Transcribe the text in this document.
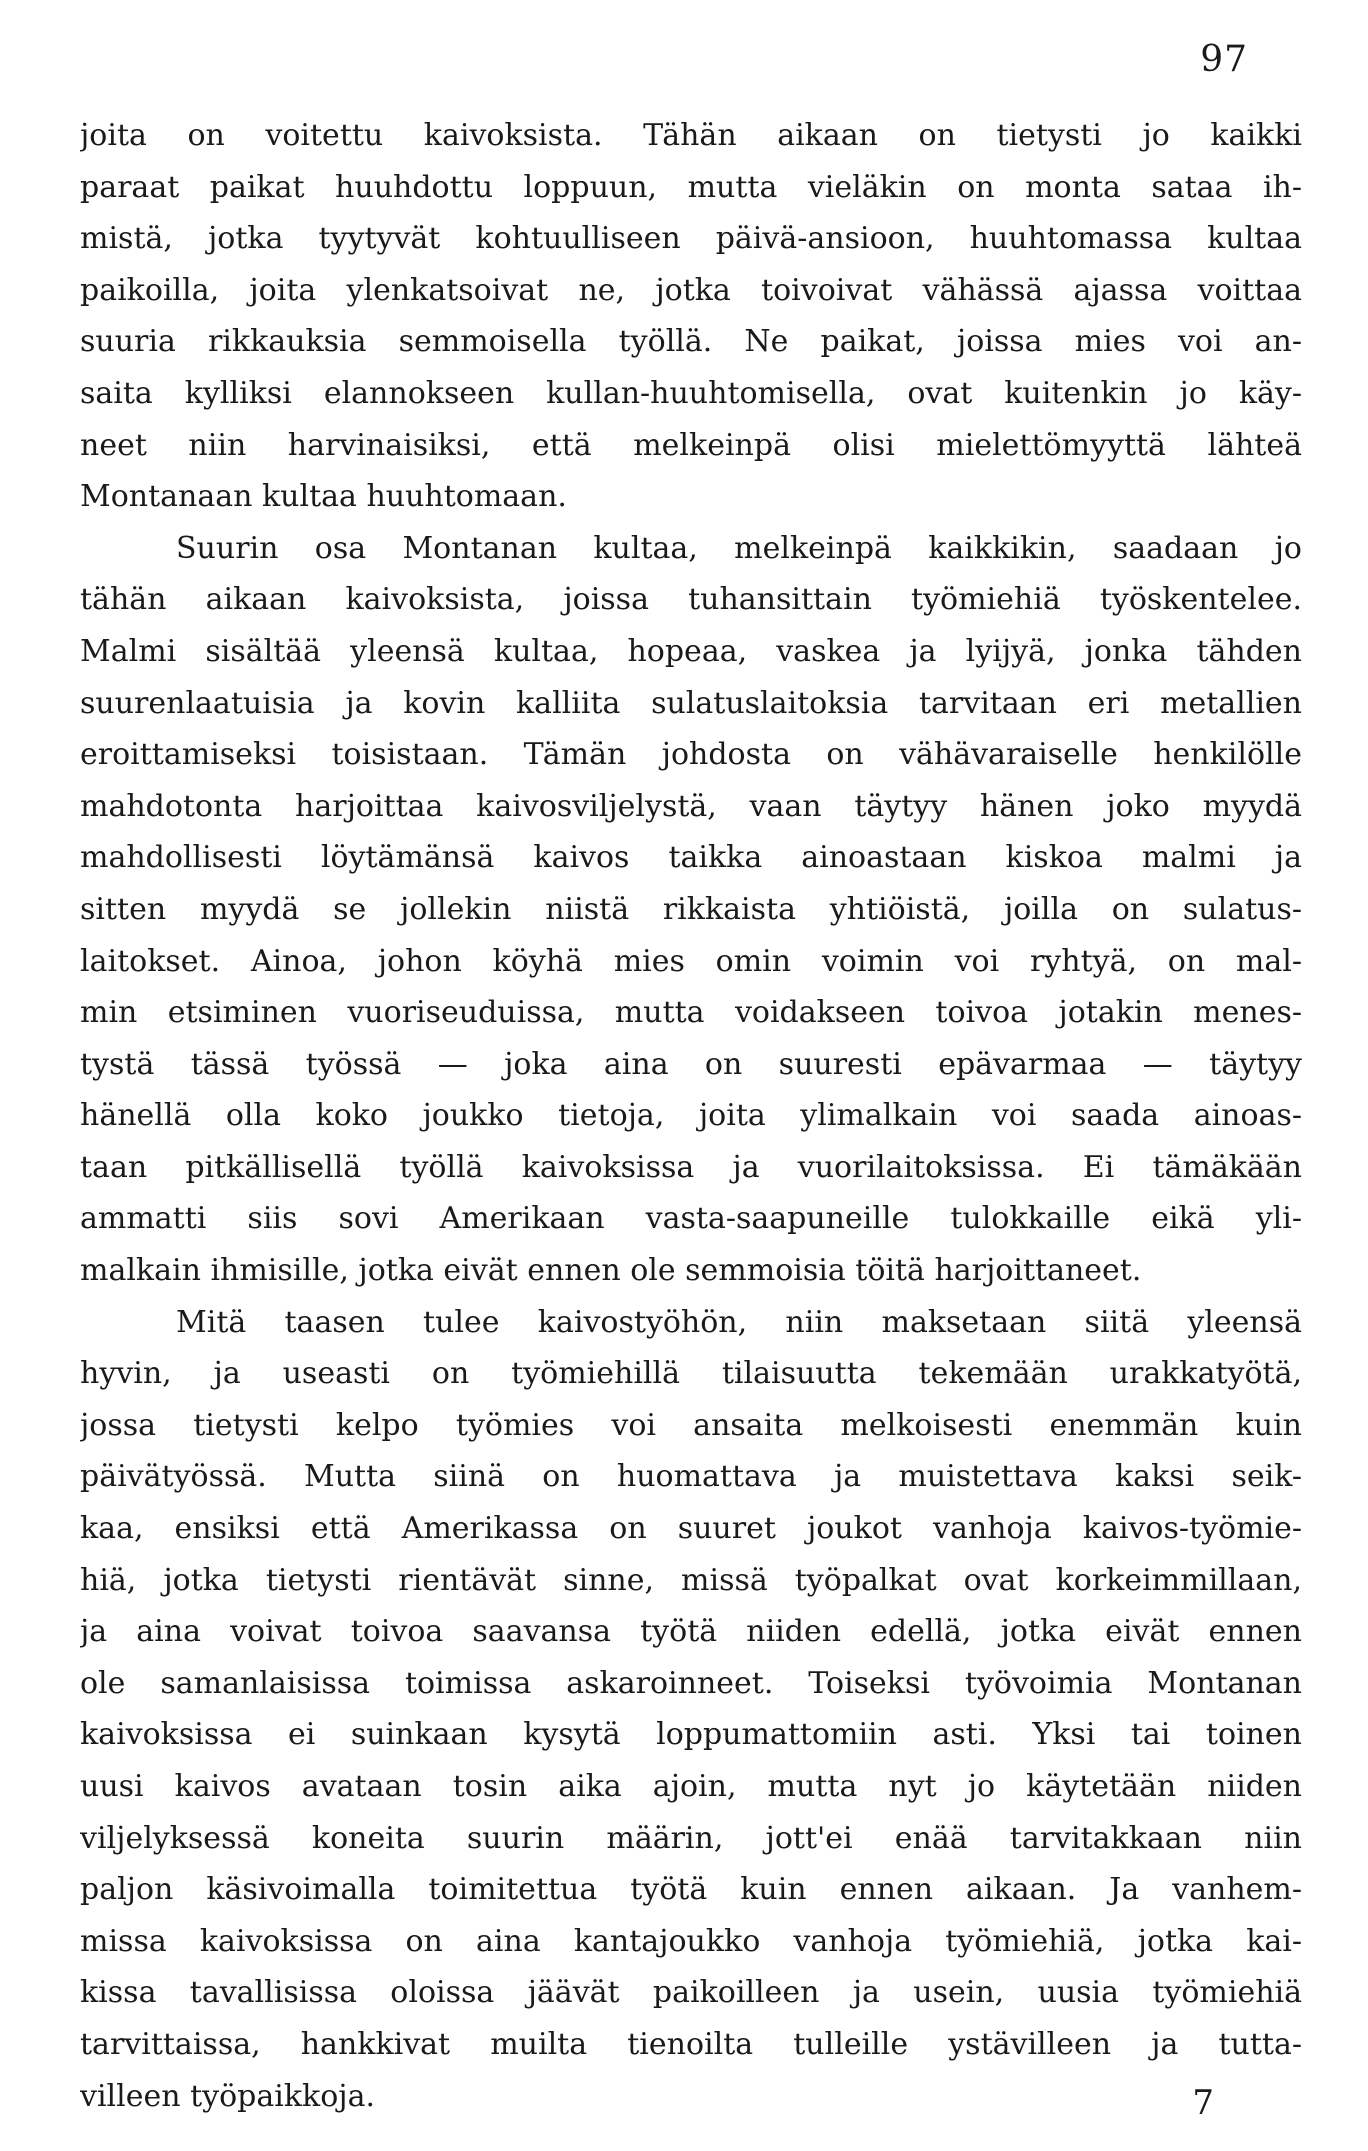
97
joita on voitettu kaivoksista. Tähän aikaan on tietysti jo kaikki
paraat paikat huuhdottu loppuun, mutta vieläkin on monta sataa ih-
mistä, jotka tyytyvät kohtuulliseen päivä-ansioon, huuhtomassa kultaa
paikoilla, joita ylenkatsoivat ne, jotka toivoivat vähässä ajassa voittaa
suuria rikkauksia semmoisella työllä. Ne paikat, joissa mies voi an-
saita kylliksi elannokseen kullan-huuhtomisella, ovat kuitenkin jo käy-
neet niin harvinaisiksi, että melkeinpä olisi mielettömyyttä lähteä
Montanaan kultaa huuhtomaan.
Suurin osa Montanan kultaa, melkeinpä kaikkikin, saadaan jo
tähän aikaan kaivoksista, joissa tuhansittain työmiehiä työskentelee.
Malmi sisältää yleensä kultaa, hopeaa, vaskea ja lyijyä, jonka tähden
suurenlaatuisia ja kovin kalliita sulatuslaitoksia tarvitaan eri metallien
eroittamiseksi toisistaan. Tämän johdosta on vähävaraiselle henkilölle
mahdotonta harjoittaa kaivosviljelystä, vaan täytyy hänen joko myydä
mahdollisesti löytämänsä kaivos taikka ainoastaan kiskoa malmi ja
sitten myydä se jollekin niistä rikkaista yhtiöistä, joilla on sulatus-
laitokset. Ainoa, johon köyhä mies omin voimin voi ryhtyä, on mal-
min etsiminen vuoriseuduissa, mutta voidakseen toivoa jotakin menes-
tystä tässä työssä — joka aina on suuresti epävarmaa — täytyy
hänellä olla koko joukko tietoja, joita ylimalkain voi saada ainoas-
taan pitkällisellä työllä kaivoksissa ja vuorilaitoksissa. Ei tämäkään
ammatti siis sovi Amerikaan vasta-saapuneille tulokkaille eikä yli-
malkain ihmisille, jotka eivät ennen ole semmoisia töitä harjoittaneet.
Mitä taasen tulee kaivostyöhön, niin maksetaan siitä yleensä
hyvin, ja useasti on työmiehillä tilaisuutta tekemään urakkatyötä,
jossa tietysti kelpo työmies voi ansaita melkoisesti enemmän kuin
päivätyössä. Mutta siinä on huomattava ja muistettava kaksi seik-
kaa, ensiksi että Amerikassa on suuret joukot vanhoja kaivos-työmie-
hiä, jotka tietysti rientävät sinne, missä työpalkat ovat korkeimmillaan,
ja aina voivat toivoa saavansa työtä niiden edellä, jotka eivät ennen
ole samanlaisissa toimissa askaroinneet. Toiseksi työvoimia Montanan
kaivoksissa ei suinkaan kysytä loppumattomiin asti. Yksi tai toinen
uusi kaivos avataan tosin aika ajoin, mutta nyt jo käytetään niiden
viljelyksessä koneita suurin määrin, jott'ei enää tarvitakkaan niin
paljon käsivoimalla toimitettua työtä kuin ennen aikaan. Ja vanhem-
missa kaivoksissa on aina kantajoukko vanhoja työmiehiä, jotka kai-
kissa tavallisissa oloissa jäävät paikoilleen ja usein, uusia työmiehiä
tarvittaissa, hankkivat muilta tienoilta tulleille ystävilleen ja tutta-
villeen työpaikkoja.	7
